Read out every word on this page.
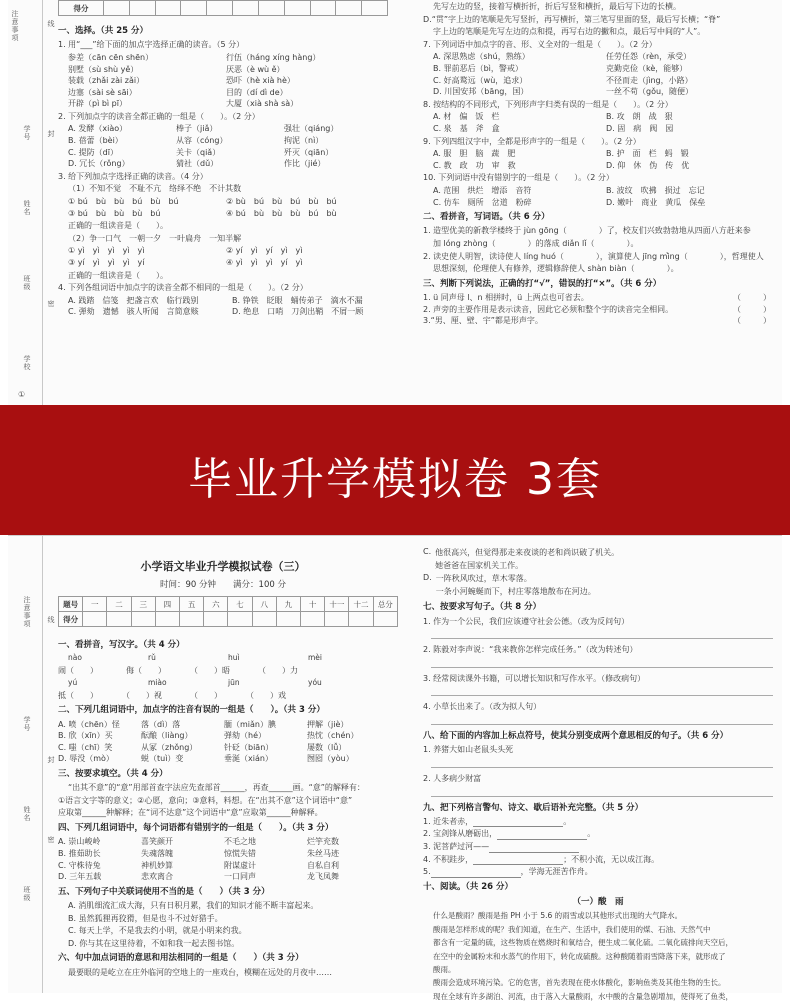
注意事项
学号
姓名
班级
学校
密
封
线
①
得分											
一、选择。（共 25 分）
1. 用“___”给下面的加点字选择正确的读音。（5 分）
参差（cān cēn shēn）	行伍（háng xíng hàng）
别墅（sù shù yě）	厌恶（è wù ě）
装载（zhǎi zài zǎi）	恐吓（hè xià hè）
边塞（sài sè sāi）	目的（dí dì de）
开辟（pì bì pī）	大厦（xià shà sà）
2. 下列加点字的读音全都正确的一组是（　　）。（2 分）
A. 发酵（xiào）	棒子（jiǎ）	强壮（qiáng）
B. 蓓蕾（bèi）	从容（cóng）	拘泥（nì）
C. 提防（dī）	关卡（qiǎ）	歼灭（qiān）
D. 冗长（rǒng）	猜社（dǔ）	作比（jié）
3. 给下列加点字选择正确的读音。（4 分）
（1）不知不觉　不耻不亢　络绎不绝　不计其数
① bú　bù　bù　bú　bù　bú	② bù　bú　bù　bú　bù　bú
③ bú　bù　bù　bù　bú	④ bú　bù　bù　bù　bú　bù
正确的一组读音是（　　）。
（2）争一口气　一朝一夕　一叶扁舟　一知半解
① yì　yì　yì　yì　yì	② yí　yì　yí　yì　yì
③ yí　yì　yì　yì　yí	④ yì　yì　yì　yí　yì
正确的一组读音是（　　）。
4. 下列各组词语中加点字的读音全都不相同的一组是（　　）。（2 分）
A. 践踏　信笺　把盏言欢　临行践别	B. 铮铁　眨眼　蛹传弟子　滴水不漏
C. 弹劾　遗憾　骇人听闻　言简意赅	D. 绝息　口哨　刀剑出鞘　不屑一顾
先写左边的竖，接着写横折折，折后写竖和横折，最后写下边的长横。
D.“贯”字上边的笔顺是先写竖折，再写横折，第三笔写里面的竖，最后写长横；“脊”
字上边的笔顺是先写左边的点和提，再写右边的撇和点，最后写中间的“人”。
7. 下列词语中加点字的音、形、义全对的一组是（　　）。（2 分）
A. 深思熟虑（shú，熟练）	任劳任怨（rèn，承受）
B. 罪前恶后（bì，警戒）	克勤克俭（kè，能够）
C. 好高鹜远（wù，追求）	不径而走（jìng，小路）
D. 川国安邦（bāng，国）	一丝不苟（gǒu，随便）
8. 按结构的不同形式，下列形声字归类有误的一组是（　　）。（2 分）
A. 材　偏　饭　栏	B. 攻　朗　战　狠
C. 泉　基　斧　盒	D. 固　病　阀　园
9. 下列四组汉字中，全都是形声字的一组是（　　）。（2 分）
A. 服　胆　脑　蔬　肥	B. 护　面　栏　蚂　锻
C. 教　政　功　审　救	D. 仰　休　伪　传　优
10. 下列词语中没有错别字的一组是（　　）。（2 分）
A. 范围　烘烂　增添　音符	B. 波纹　吹拂　损过　忘记
C. 仿车　厕所　岔道　粉碎	D. 嫩叶　商业　黄瓜　保垒
二、看拼音，写词语。（共 6 分）
1. 造型优美的新教学楼终于 jùn gōng（　　　　）了，校友们兴致勃勃地从四面八方赶来参
加 lóng zhòng（　　　　）的落成 diǎn lǐ（　　　　）。
2. 读史使人明智，读诗使人 líng huó（　　　　），演算使人 jīng mì̀ng（　　　　），哲理使人
思想深刻，伦理使人有修养，逻辑修辞使人 shàn biàn（　　　　）。
三、判断下列说法，正确的打“√”，错误的打“×”。（共 6 分）
1. ü 同声母 l、n 相拼时，ü 上两点也可省去。	（　　）
2. 声旁的主要作用是表示读音，因此它必须和整个字的读音完全相同。	（　　）
3.“男、厘、壁、宇”都是形声字。	（　　）
毕业升学模拟卷 3套
注意事项
学号
姓名
班级
密
封
线
小学语文毕业升学模拟试卷（三）
时间：90 分钟　　满分：100 分
题号	一	二	三	四	五	六	七	八	九	十	十一	十二	总分
得分													
一、看拼音，写汉字。（共 4 分）
nào	rǔ	huì	mèi
闹（　　）　　　　侮（　　）　　　　（　　）晤　　　　（　　）力
yú	miào	jūn	yóu
抵（　　）　　　　（　　）视　　　　（　　）　　　　（　　）戏
二、下列几组词语中，加点字的注音有误的一组是（　　）。（共 3 分）
A. 喷（chēn）怪	落（dì）落	腼（miǎn）腆	押解（jiè）
B. 欣（xīn）买	酝酿（liàng）	弹劾（hé）	热忱（chén）
C. 嗤（chī）笑	从冢（zhǒng）	针砭（biān）	屡数（lǚ）
D. 辱没（mò）	蜕（tuì）变	垂涎（xián）	囫囵（yòu）
三、按要求填空。（共 4 分）
“出其不意”的“意”用部首查字法应先查部首______，再查______画。“意”的解释有：
①语言文字等的意义；②心愿，意向；③意料，料想。在“出其不意”这个词语中“意”
应取第______种解释；在“词不达意”这个词语中“意”应取第______种解释。
四、下列几组词语中，每个词语都有错别字的一组是（　　）。（共 3 分）
A. 崇山峻岭	喜笑颜开	不毛之地	烂竽充数
B. 推茹助长	失魂落魄	惊慌失错	朱丝马迹
C. 守株待兔	神机妙算	附谋虚计	自私自利
D. 三年五载	悲欢离合	一口同声	龙飞凤舞
五、下列句子中关联词使用不当的是（　　）（共 3 分）
A. 消肌细流汇成大海，只有日积月累，我们的知识才能不断丰富起来。
B. 虽然狐狸再狡猾，但是也斗不过好猎手。
C. 每天上学，不是我去约小明，就是小明来约我。
D. 你与其在这里待着，不如和我一起去图书馆。
六、句中加点词语的意思和用法相同的一组是（　　）（共 3 分）
最要眼的是屹立在庄外临河的空地上的一座戏台，模糊在远处的月夜中……
C. 他很高兴，但觉得那走来夜谈的老和尚识破了机关。
她爸爸在国家机关工作。
D. 一阵秋风吹过，草木零落。
一条小河蜿蜒而下，村庄零落地散布在河边。
七、按要求写句子。（共 8 分）
1. 作为一个公民，我们应该遵守社会公德。（改为反问句）
2. 陈毅对李声说：“我来教你怎样完成任务。”（改为转述句）
3. 经常阅读课外书籍，可以增长知识和写作水平。（修改病句）
4. 小草长出来了。（改为拟人句）
八、给下面的内容加上标点符号，使其分别变成两个意思相反的句子。（共 6 分）
1. 养猪大如山老鼠头头死
2. 人多病少财富
九、把下列格言警句、诗文、歇后语补充完整。（共 5 分）
1. 近朱者赤，	。
2. 宝剑锋从磨砺出，	。
3. 泥菩萨过河——
4. 不积跬步，	；不积小流，无以成江海。
5.	，学海无涯苦作舟。
十、阅读。（共 26 分）
（一）酸　雨
什么是酸雨？酸雨是指 PH 小于 5.6 的雨雪或以其他形式出现的大气降水。
酸雨是怎样形成的呢？我们知道，在生产、生活中，我们使用的煤、石油、天然气中
都含有一定量的硫，这些物质在燃烧时和氧结合，便生成二氧化硫。二氧化硫排向天空后，
在空中的金属粉末和水蒸气的作用下，转化成硫酸。这种酸随着雨雪降落下来，就形成了
酸雨。
酸雨会造成环境污染。它的危害，首先表现在使水体酸化，影响鱼类及其他生物的生长。
现在全球有许多湖泊、河流，由于落入大量酸雨，水中酸的含量急剧增加，使得死了鱼类，
